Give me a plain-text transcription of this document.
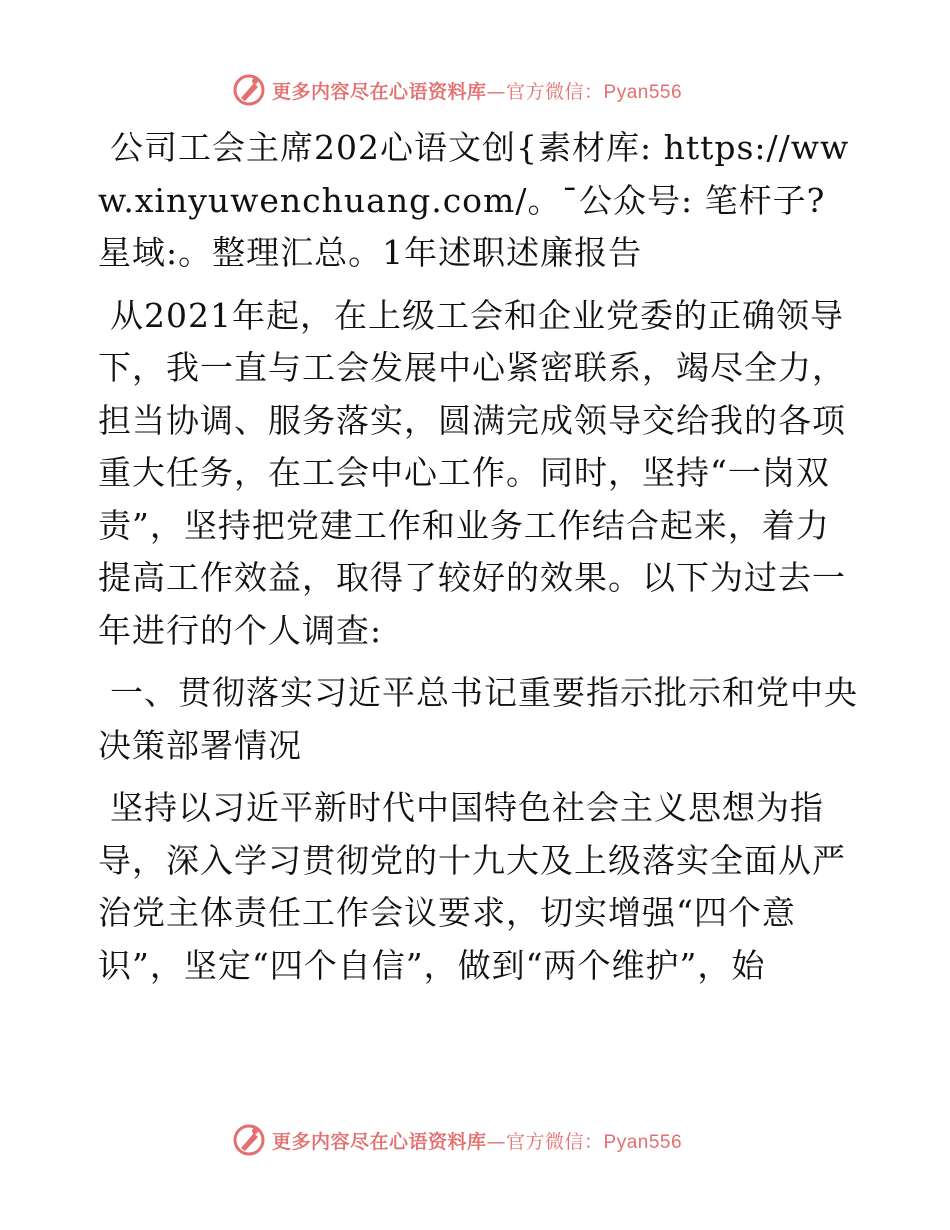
更多内容尽在心语资料库—官方微信：Pyan556

公司工会主席202心语文创{素材库: https://www.xinyuwenchuang.com/。¯公众号: 笔杆子?星域:。整理汇总。1年述职述廉报告

从2021年起，在上级工会和企业党委的正确领导下，我一直与工会发展中心紧密联系，竭尽全力，担当协调、服务落实，圆满完成领导交给我的各项重大任务，在工会中心工作。同时，坚持“一岗双责”，坚持把党建工作和业务工作结合起来，着力提高工作效益，取得了较好的效果。以下为过去一年进行的个人调查:

一、贯彻落实习近平总书记重要指示批示和党中央决策部署情况

坚持以习近平新时代中国特色社会主义思想为指导，深入学习贯彻党的十九大及上级落实全面从严治党主体责任工作会议要求，切实增强“四个意识”，坚定“四个自信”，做到“两个维护”，始

更多内容尽在心语资料库—官方微信：Pyan556
